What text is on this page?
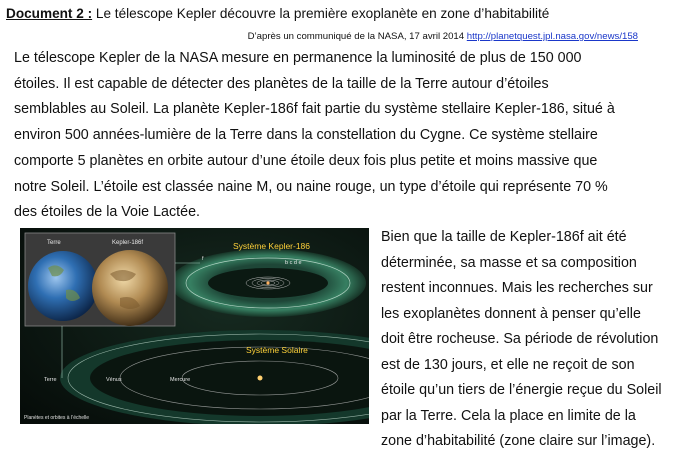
Document 2 : Le télescope Kepler découvre la première exoplanète en zone d’habitabilité
D’après un communiqué de la NASA, 17 avril 2014 http://planetquest.jpl.nasa.gov/news/158

Le télescope Kepler de la NASA mesure en permanence la luminosité de plus de 150 000

étoiles. Il est capable de détecter des planètes de la taille de la Terre autour d’étoiles

semblables au Soleil. La planète Kepler-186f fait partie du système stellaire Kepler-186, situé à

environ 500 années-lumière de la Terre dans la constellation du Cygne. Ce système stellaire

comporte 5 planètes en orbite autour d’une étoile deux fois plus petite et moins massive que

notre Soleil. L’étoile est classée naine M, ou naine rouge, un type d’étoile qui représente 70 %

des étoiles de la Voie Lactée.

Système Kepler-186
b c d e
f
Système Solaire
Terre	Vénus	Mercure
Terre	Kepler-186f
Planètes et orbites à l’échelle

Bien que la taille de Kepler-186f ait été

déterminée, sa masse et sa composition

restent inconnues. Mais les recherches sur

les exoplanètes donnent à penser qu’elle

doit être rocheuse. Sa période de révolution

est de 130 jours, et elle ne reçoit de son

étoile qu’un tiers de l’énergie reçue du Soleil

par la Terre. Cela la place en limite de la

zone d’habitabilité (zone claire sur l’image).
